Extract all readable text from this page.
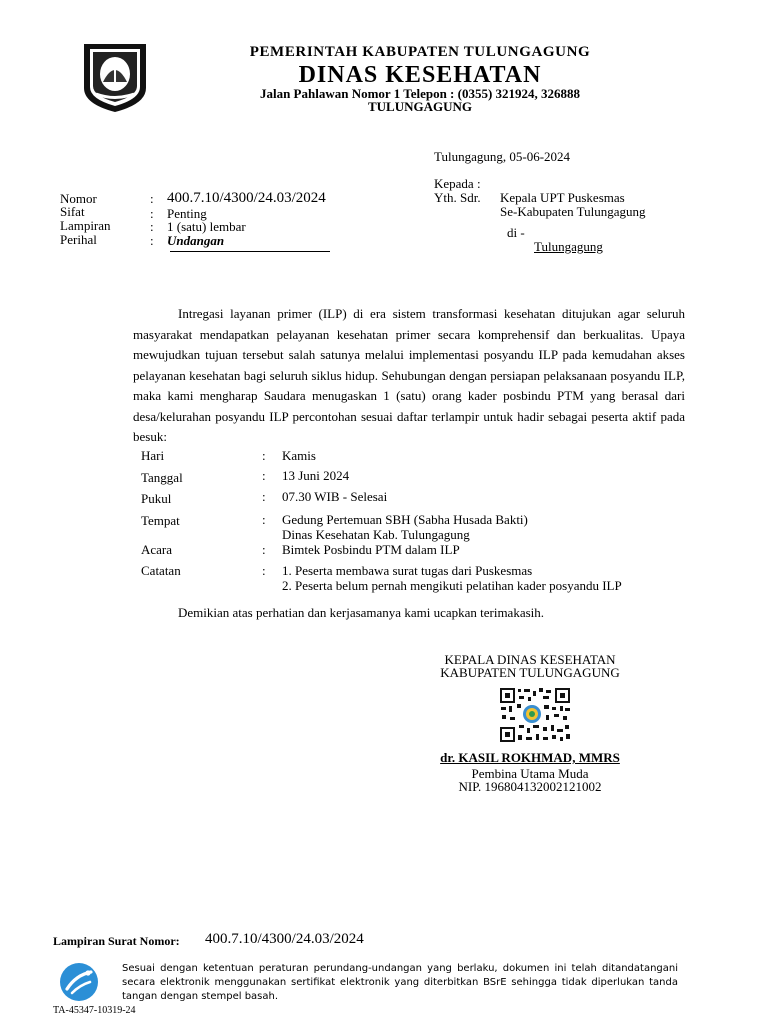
PEMERINTAH KABUPATEN TULUNGAGUNG
DINAS KESEHATAN
Jalan Pahlawan Nomor 1 Telepon : (0355) 321924, 326888
TULUNGAGUNG
Tulungagung, 05-06-2024
Kepada :
Yth. Sdr. Kepala UPT Puskesmas
Se-Kabupaten Tulungagung
di -
Tulungagung
Nomor	: 400.7.10/4300/24.03/2024
Sifat	: Penting
Lampiran	: 1 (satu) lembar
Perihal	: Undangan
Intregasi layanan primer (ILP) di era sistem transformasi kesehatan ditujukan agar seluruh masyarakat mendapatkan pelayanan kesehatan primer secara komprehensif dan berkualitas. Upaya mewujudkan tujuan tersebut salah satunya melalui implementasi posyandu ILP pada kemudahan akses pelayanan kesehatan bagi seluruh siklus hidup. Sehubungan dengan persiapan pelaksanaan posyandu ILP, maka kami mengharap Saudara menugaskan 1 (satu) orang kader posbindu PTM yang berasal dari desa/kelurahan posyandu ILP percontohan sesuai daftar terlampir untuk hadir sebagai peserta aktif pada besuk:
Hari	: Kamis
Tanggal	: 13 Juni 2024
Pukul	: 07.30 WIB - Selesai
Tempat	: Gedung Pertemuan SBH (Sabha Husada Bakti)
Dinas Kesehatan Kab. Tulungagung
Acara	: Bimtek Posbindu PTM dalam ILP
Catatan	: 1. Peserta membawa surat tugas dari Puskesmas
2. Peserta belum pernah mengikuti pelatihan kader posyandu ILP
Demikian atas perhatian dan kerjasamanya kami ucapkan terimakasih.
KEPALA DINAS KESEHATAN
KABUPATEN TULUNGAGUNG
dr. KASIL ROKHMAD, MMRS
Pembina Utama Muda
NIP. 196804132002121002
Lampiran Surat Nomor: 400.7.10/4300/24.03/2024
Sesuai dengan ketentuan peraturan perundang-undangan yang berlaku, dokumen ini telah ditandatangani secara elektronik menggunakan sertifikat elektronik yang diterbitkan BSrE sehingga tidak diperlukan tanda tangan dengan stempel basah.
TA-45347-10319-24
